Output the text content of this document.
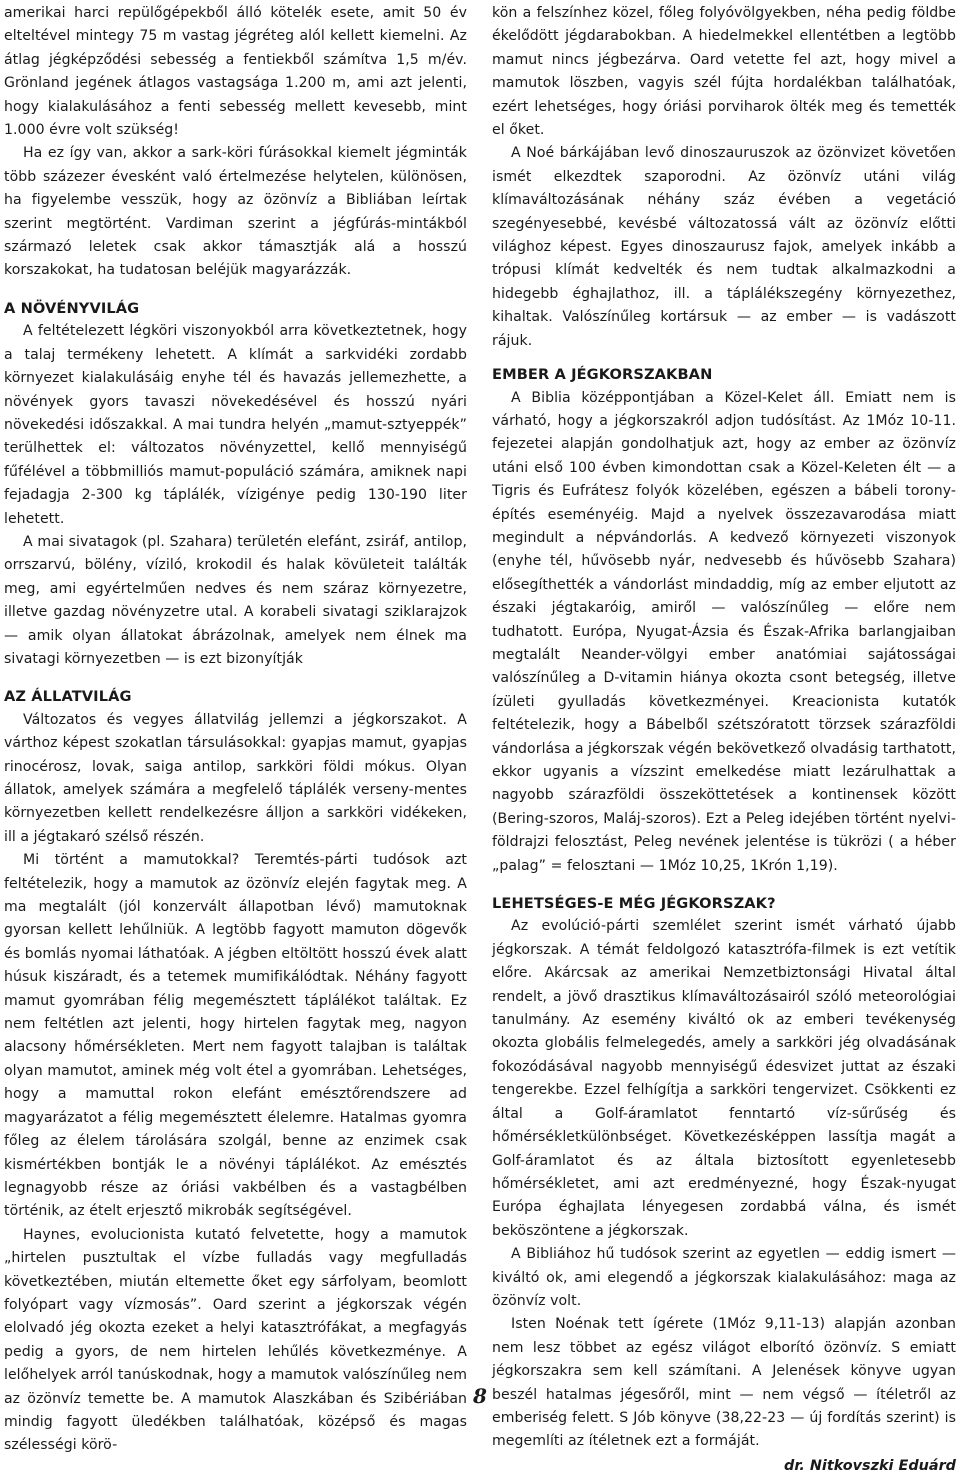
amerikai harci repülőgépekből álló kötelék esete, amit 50 év elteltével mintegy 75 m vastag jégréteg alól kellett kiemelni. Az átlag jégképződési sebesség a fentiekből számítva 1,5 m/év. Grönland jegének átlagos vastagsága 1.200 m, ami azt jelenti, hogy kialakulásához a fenti sebesség mellett kevesebb, mint 1.000 évre volt szükség!

Ha ez így van, akkor a sark-köri fúrásokkal kiemelt jégminták több százezer évesként való értelmezése helytelen, különösen, ha figyelembe vesszük, hogy az özönvíz a Bibliában leírtak szerint megtörtént. Vardiman szerint a jégfúrás-mintákból származó leletek csak akkor támasztják alá a hosszú korszakokat, ha tudatosan beléjük magyarázzák.

A NÖVÉNYVILÁG

A feltételezett légköri viszonyokból arra következtetnek, hogy a talaj termékeny lehetett. A klímát a sarkvidéki zordabb környezet kialakulásáig enyhe tél és havazás jellemezhette, a növények gyors tavaszi növekedésével és hosszú nyári növekedési időszakkal. A mai tundra helyén „mamut-sztyeppék” terülhettek el: változatos növényzettel, kellő mennyiségű fűfélével a többmilliós mamut-populáció számára, amiknek napi fejadagja 2-300 kg táplálék, vízigénye pedig 130-190 liter lehetett.

A mai sivatagok (pl. Szahara) területén elefánt, zsiráf, antilop, orrszarvú, bölény, víziló, krokodil és halak kövületeit találták meg, ami egyértelműen nedves és nem száraz környezetre, illetve gazdag növényzetre utal. A korabeli sivatagi sziklarajzok — amik olyan állatokat ábrázolnak, amelyek nem élnek ma sivatagi környezetben — is ezt bizonyítják

AZ ÁLLATVILÁG

Változatos és vegyes állatvilág jellemzi a jégkorszakot. A várthoz képest szokatlan társulásokkal: gyapjas mamut, gyapjas rinocérosz, lovak, saiga antilop, sarkköri földi mókus. Olyan állatok, amelyek számára a megfelelő táplálék verseny-mentes környezetben kellett rendelkezésre álljon a sarkköri vidékeken, ill a jégtakaró szélső részén.

Mi történt a mamutokkal? Teremtés-párti tudósok azt feltételezik, hogy a mamutok az özönvíz elején fagytak meg. A ma megtalált (jól konzervált állapotban lévő) mamutoknak gyorsan kellett lehűlniük. A legtöbb fagyott mamuton dögevők és bomlás nyomai láthatóak. A jégben eltöltött hosszú évek alatt húsuk kiszáradt, és a tetemek mumifikálódtak. Néhány fagyott mamut gyomrában félig megemésztett táplálékot találtak. Ez nem feltétlen azt jelenti, hogy hirtelen fagytak meg, nagyon alacsony hőmérsékleten. Mert nem fagyott talajban is találtak olyan mamutot, aminek még volt étel a gyomrában. Lehetséges, hogy a mamuttal rokon elefánt emésztőrendszere ad magyarázatot a félig megemésztett élelemre. Hatalmas gyomra főleg az élelem tárolására szolgál, benne az enzimek csak kismértékben bontják le a növényi táplálékot. Az emésztés legnagyobb része az óriási vakbélben és a vastagbélben történik, az ételt erjesztő mikrobák segítségével.

Haynes, evolucionista kutató felvetette, hogy a mamutok „hirtelen pusztultak el vízbe fulladás vagy megfulladás következtében, miután eltemette őket egy sárfolyam, beomlott folyópart vagy vízmosás”. Oard szerint a jégkorszak végén elolvadó jég okozta ezeket a helyi katasztrófákat, a megfagyás pedig a gyors, de nem hirtelen lehűlés következménye. A lelőhelyek arról tanúskodnak, hogy a mamutok valószínűleg nem az özönvíz temette be. A mamutok Alaszkában és Szibériában mindig fagyott üledékben találhatóak, középső és magas szélességi körö-

kön a felszínhez közel, főleg folyóvölgyekben, néha pedig földbe ékelődött jégdarabokban. A hiedelmekkel ellentétben a legtöbb mamut nincs jégbezárva. Oard vetette fel azt, hogy mivel a mamutok löszben, vagyis szél fújta hordalékban találhatóak, ezért lehetséges, hogy óriási porviharok ölték meg és temették el őket.

A Noé bárkájában levő dinoszauruszok az özönvizet követően ismét elkezdtek szaporodni. Az özönvíz utáni világ klímaváltozásának néhány száz évében a vegetáció szegényesebbé, kevésbé változatossá vált az özönvíz előtti világhoz képest. Egyes dinoszaurusz fajok, amelyek inkább a trópusi klímát kedvelték és nem tudtak alkalmazkodni a hidegebb éghajlathoz, ill. a táplálékszegény környezethez, kihaltak. Valószínűleg kortársuk — az ember — is vadászott rájuk.

EMBER A JÉGKORSZAKBAN

A Biblia középpontjában a Közel-Kelet áll. Emiatt nem is várható, hogy a jégkorszakról adjon tudósítást. Az 1Móz 10-11. fejezetei alapján gondolhatjuk azt, hogy az ember az özönvíz utáni első 100 évben kimondottan csak a Közel-Keleten élt — a Tigris és Eufrátesz folyók közelében, egészen a bábeli torony-építés eseményéig. Majd a nyelvek összezavarodása miatt megindult a népvándorlás. A kedvező környezeti viszonyok (enyhe tél, hűvösebb nyár, nedvesebb és hűvösebb Szahara) elősegíthették a vándorlást mindaddig, míg az ember eljutott az északi jégtakaróig, amiről — valószínűleg — előre nem tudhatott. Európa, Nyugat-Ázsia és Észak-Afrika barlangjaiban megtalált Neander-völgyi ember anatómiai sajátosságai valószínűleg a D-vitamin hiánya okozta csont betegség, illetve ízületi gyulladás következményei. Kreacionista kutatók feltételezik, hogy a Bábelből szétszóratott törzsek szárazföldi vándorlása a jégkorszak végén bekövetkező olvadásig tarthatott, ekkor ugyanis a vízszint emelkedése miatt lezárulhattak a nagyobb szárazföldi összeköttetések a kontinensek között (Bering-szoros, Maláj-szoros). Ezt a Peleg idejében történt nyelvi-földrajzi felosztást, Peleg nevének jelentése is tükrözi ( a héber „palag” = felosztani — 1Móz 10,25, 1Krón 1,19).

LEHETSÉGES-E MÉG JÉGKORSZAK?

Az evolúció-párti szemlélet szerint ismét várható újabb jégkorszak. A témát feldolgozó katasztrófa-filmek is ezt vetítik előre. Akárcsak az amerikai Nemzetbiztonsági Hivatal által rendelt, a jövő drasztikus klímaváltozásairól szóló meteorológiai tanulmány. Az esemény kiváltó ok az emberi tevékenység okozta globális felmelegedés, amely a sarkköri jég olvadásának fokozódásával nagyobb mennyiségű édesvizet juttat az északi tengerekbe. Ezzel felhígítja a sarkköri tengervizet. Csökkenti ez által a Golf-áramlatot fenntartó víz-sűrűség és hőmérsékletkülönbséget. Következésképpen lassítja magát a Golf-áramlatot és az általa biztosított egyenletesebb hőmérsékletet, ami azt eredményezné, hogy Észak-nyugat Európa éghajlata lényegesen zordabbá válna, és ismét beköszöntene a jégkorszak.

A Bibliához hű tudósok szerint az egyetlen — eddig ismert — kiváltó ok, ami elegendő a jégkorszak kialakulásához: maga az özönvíz volt.

Isten Noénak tett ígérete (1Móz 9,11-13) alapján azonban nem lesz többet az egész világot elborító özönvíz. S emiatt jégkorszakra sem kell számítani. A Jelenések könyve ugyan beszél hatalmas jégesőről, mint — nem végső — ítéletről az emberiség felett. S Jób könyve (38,22-23 — új fordítás szerint) is megemlíti az ítéletnek ezt a formáját.

dr. Nitkovszki Eduárd

8
